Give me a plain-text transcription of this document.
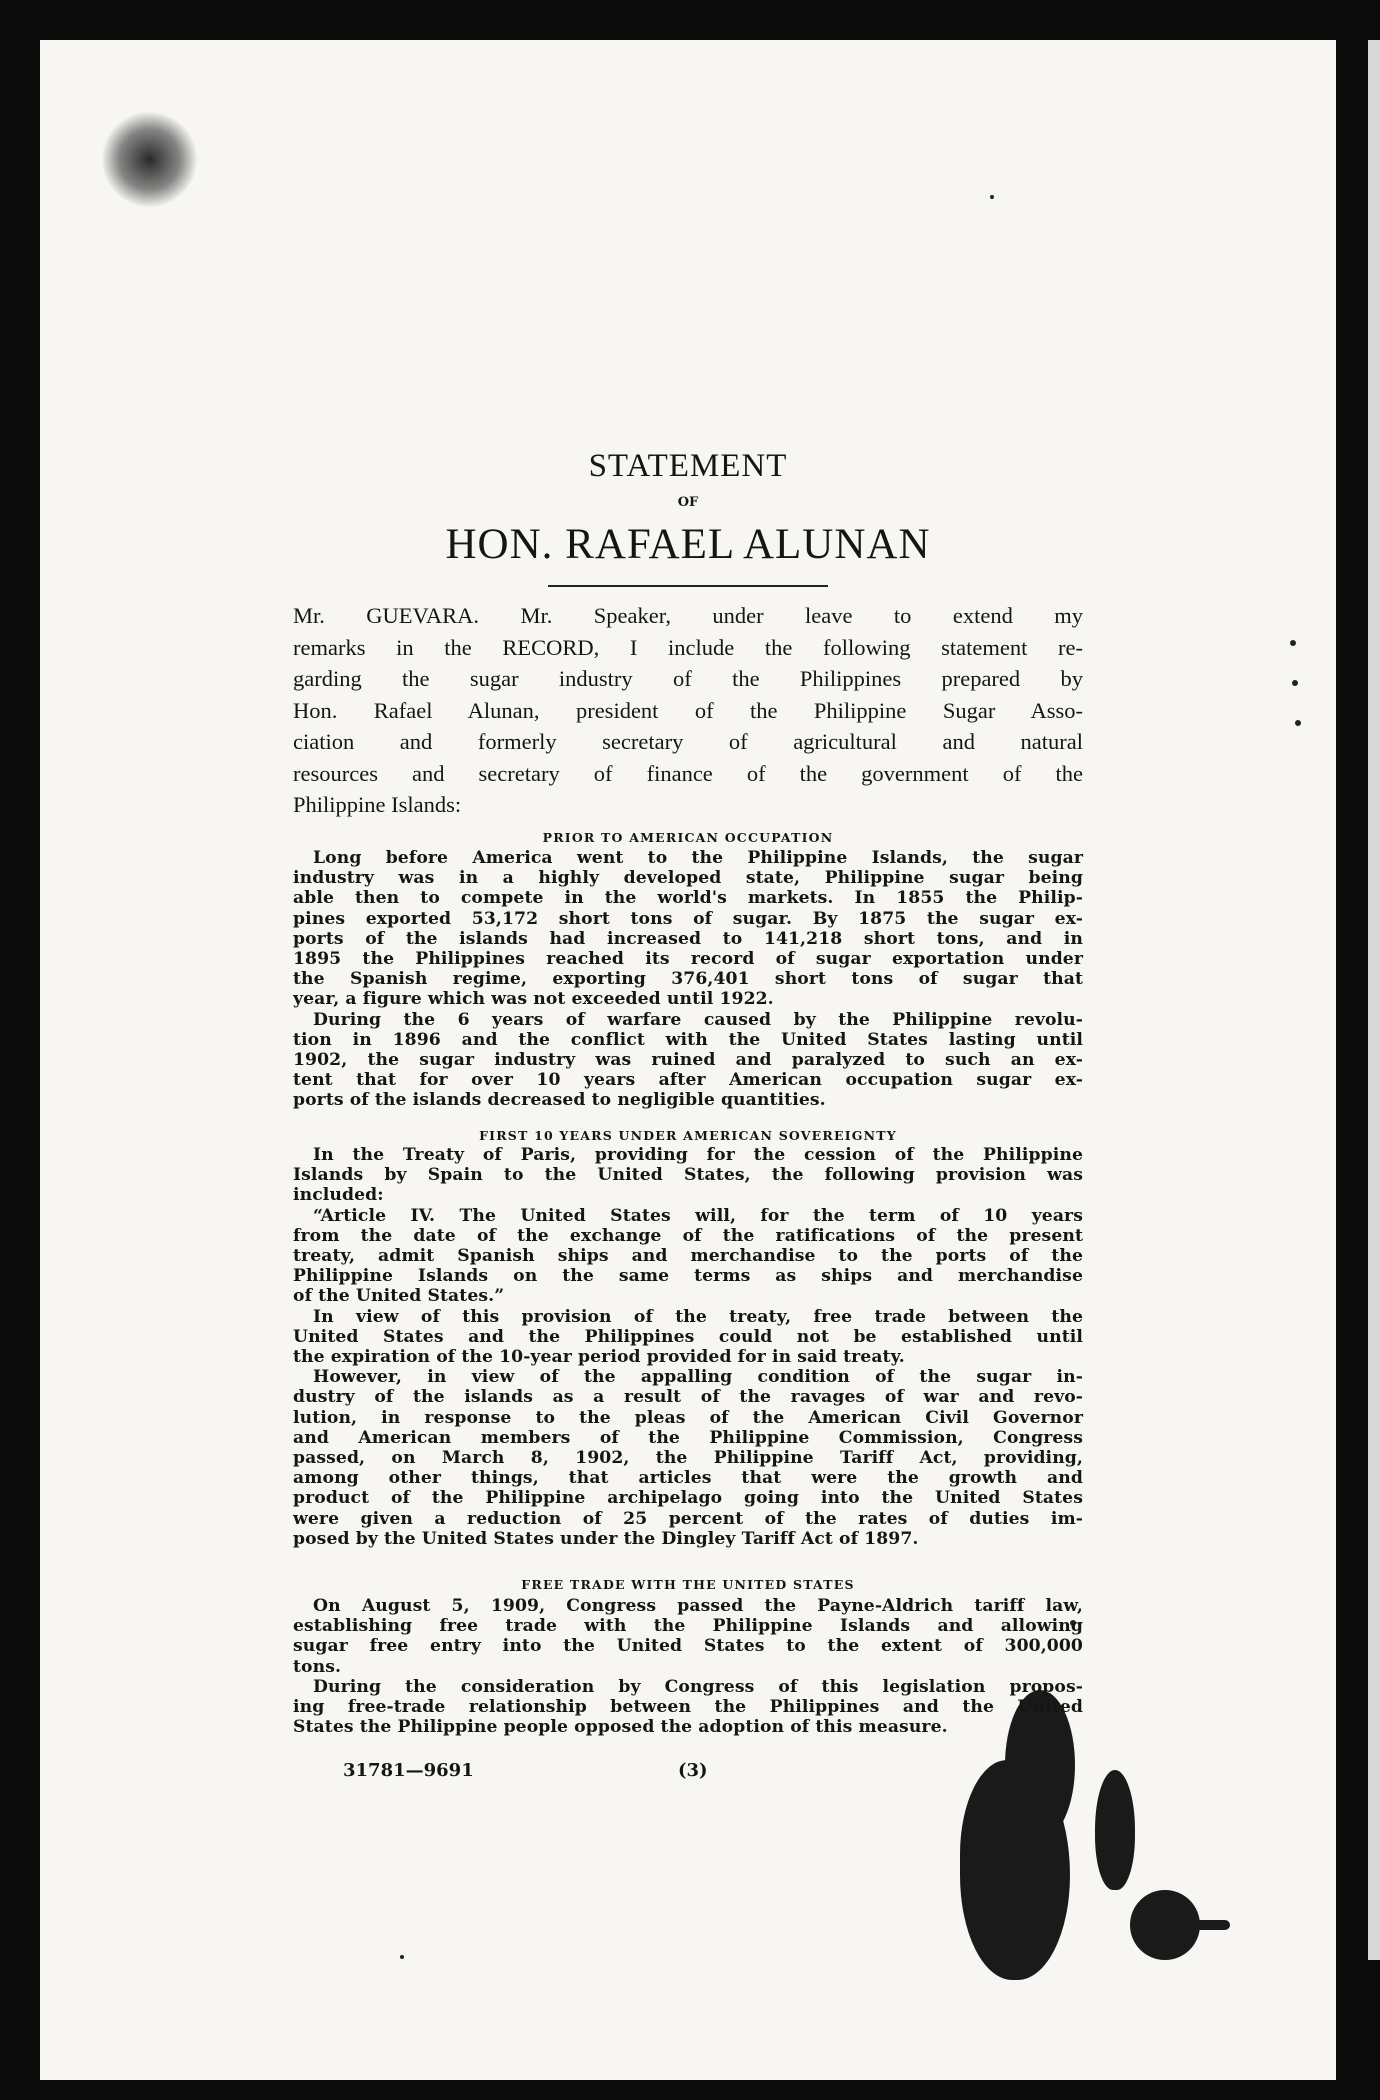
STATEMENT
OF
HON. RAFAEL ALUNAN
Mr. GUEVARA. Mr. Speaker, under leave to extend my
remarks in the RECORD, I include the following statement re-
garding the sugar industry of the Philippines prepared by
Hon. Rafael Alunan, president of the Philippine Sugar Asso-
ciation and formerly secretary of agricultural and natural
resources and secretary of finance of the government of the
Philippine Islands:
PRIOR TO AMERICAN OCCUPATION
Long before America went to the Philippine Islands, the sugar
industry was in a highly developed state, Philippine sugar being
able then to compete in the world's markets. In 1855 the Philip-
pines exported 53,172 short tons of sugar. By 1875 the sugar ex-
ports of the islands had increased to 141,218 short tons, and in
1895 the Philippines reached its record of sugar exportation under
the Spanish regime, exporting 376,401 short tons of sugar that
year, a figure which was not exceeded until 1922.
During the 6 years of warfare caused by the Philippine revolu-
tion in 1896 and the conflict with the United States lasting until
1902, the sugar industry was ruined and paralyzed to such an ex-
tent that for over 10 years after American occupation sugar ex-
ports of the islands decreased to negligible quantities.
FIRST 10 YEARS UNDER AMERICAN SOVEREIGNTY
In the Treaty of Paris, providing for the cession of the Philippine
Islands by Spain to the United States, the following provision was
included:
“Article IV. The United States will, for the term of 10 years
from the date of the exchange of the ratifications of the present
treaty, admit Spanish ships and merchandise to the ports of the
Philippine Islands on the same terms as ships and merchandise
of the United States.”
In view of this provision of the treaty, free trade between the
United States and the Philippines could not be established until
the expiration of the 10-year period provided for in said treaty.
However, in view of the appalling condition of the sugar in-
dustry of the islands as a result of the ravages of war and revo-
lution, in response to the pleas of the American Civil Governor
and American members of the Philippine Commission, Congress
passed, on March 8, 1902, the Philippine Tariff Act, providing,
among other things, that articles that were the growth and
product of the Philippine archipelago going into the United States
were given a reduction of 25 percent of the rates of duties im-
posed by the United States under the Dingley Tariff Act of 1897.
FREE TRADE WITH THE UNITED STATES
On August 5, 1909, Congress passed the Payne-Aldrich tariff law,
establishing free trade with the Philippine Islands and allowing
sugar free entry into the United States to the extent of 300,000
tons.
During the consideration by Congress of this legislation propos-
ing free-trade relationship between the Philippines and the United
States the Philippine people opposed the adoption of this measure.
31781—9691	(3)
